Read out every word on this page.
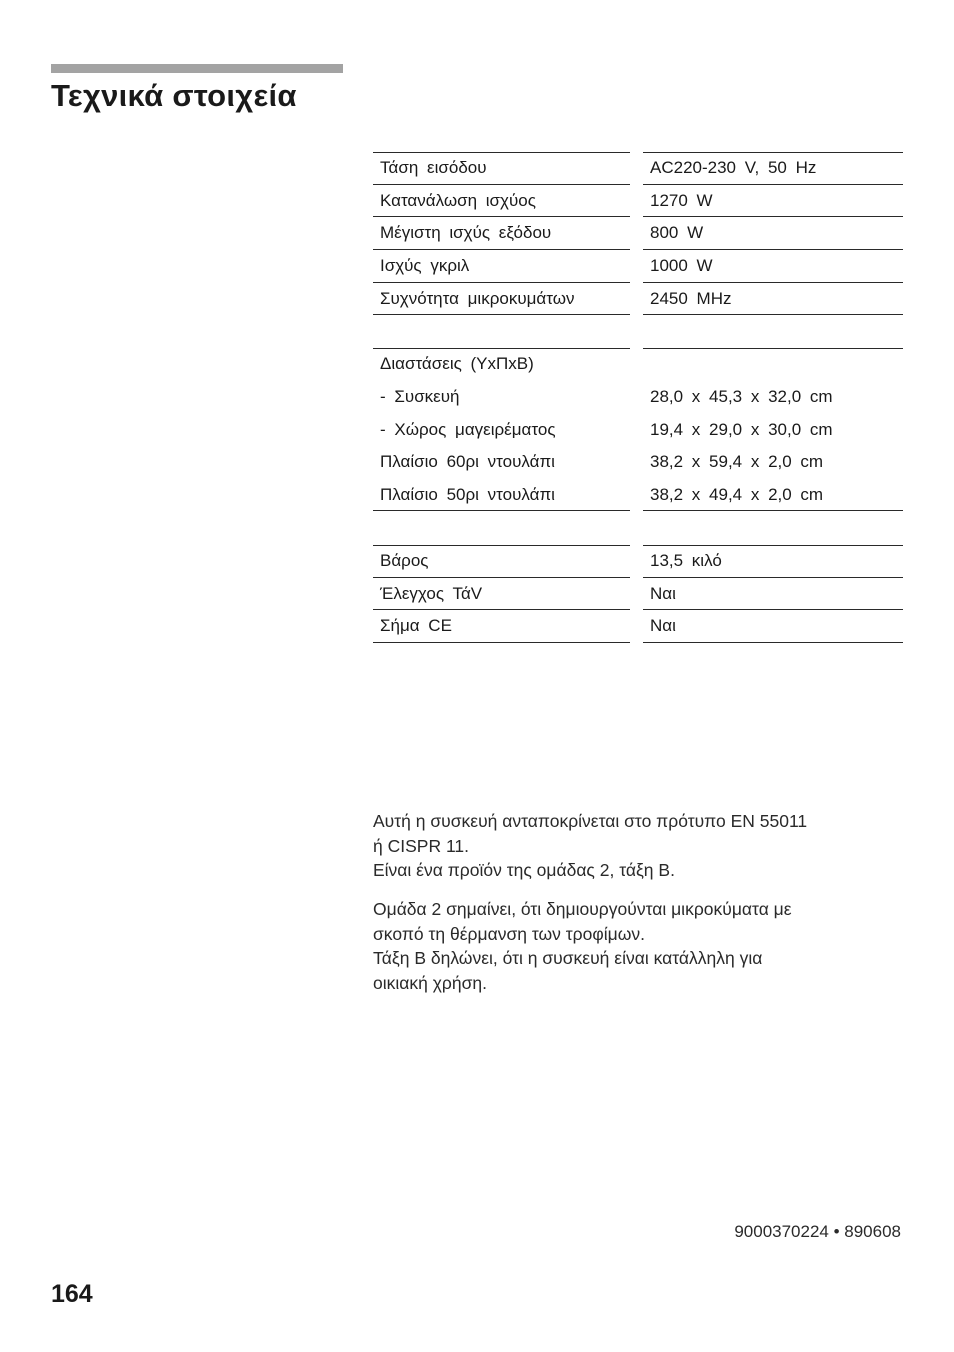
Τεχνικά στοιχεία
Τάση εισόδου	AC220-230 V, 50 Hz
Κατανάλωση ισχύος	1270 W
Μέγιστη ισχύς εξόδου	800 W
Ισχύς γκριλ	1000 W
Συχνότητα μικροκυμάτων	2450 MHz
Διαστάσεις (ΥxΠxΒ)
- Συσκευή	28,0 x 45,3 x 32,0 cm
- Χώρος μαγειρέματος	19,4 x 29,0 x 30,0 cm
Πλαίσιο 60ρι ντουλάπι	38,2 x 59,4 x 2,0 cm
Πλαίσιο 50ρι ντουλάπι	38,2 x 49,4 x 2,0 cm
Βάρος	13,5 κιλό
Έλεγχος ΤάV	Ναι
Σήμα CE	Ναι
Αυτή η συσκευή ανταποκρίνεται στο πρότυπο EN 55011
ή CISPR 11.
Είναι ένα προϊόν της ομάδας 2, τάξη B.
Ομάδα 2 σημαίνει, ότι δημιουργούνται μικροκύματα με
σκοπό τη θέρμανση των τροφίμων.
Τάξη B δηλώνει, ότι η συσκευή είναι κατάλληλη για
οικιακή χρήση.
9000370224 • 890608
164
